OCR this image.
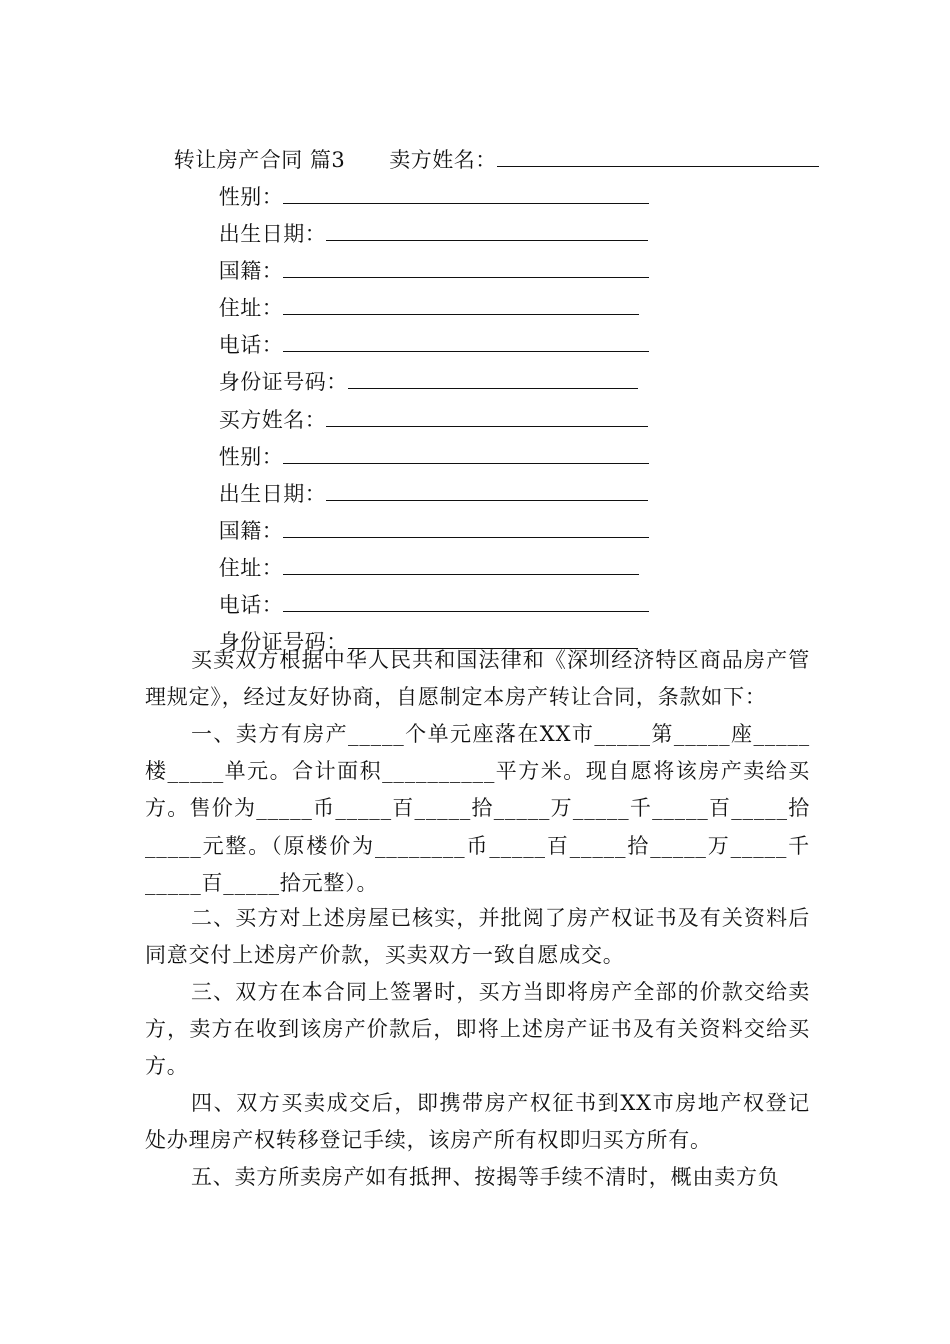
转让房产合同 篇3 卖方姓名：

性别：

出生日期：

国籍：

住址：

电话：

身份证号码：

买方姓名：

性别：

出生日期：

国籍：

住址：

电话：

身份证号码：

买卖双方根据中华人民共和国法律和《深圳经济特区商品房产管理规定》，经过友好协商，自愿制定本房产转让合同，条款如下：
一、卖方有房产_____个单元座落在XX市_____第_____座_____楼_____单元。合计面积__________平方米。现自愿将该房产卖给买方。售价为_____币_____百_____拾_____万_____千_____百_____拾_____元整。（原楼价为________币_____百_____拾_____万_____千_____百_____拾元整）。
二、买方对上述房屋已核实，并批阅了房产权证书及有关资料后同意交付上述房产价款，买卖双方一致自愿成交。
三、双方在本合同上签署时，买方当即将房产全部的价款交给卖方，卖方在收到该房产价款后，即将上述房产证书及有关资料交给买方。
四、双方买卖成交后，即携带房产权征书到XX市房地产权登记处办理房产权转移登记手续，该房产所有权即归买方所有。
五、卖方所卖房产如有抵押、按揭等手续不清时，概由卖方负
